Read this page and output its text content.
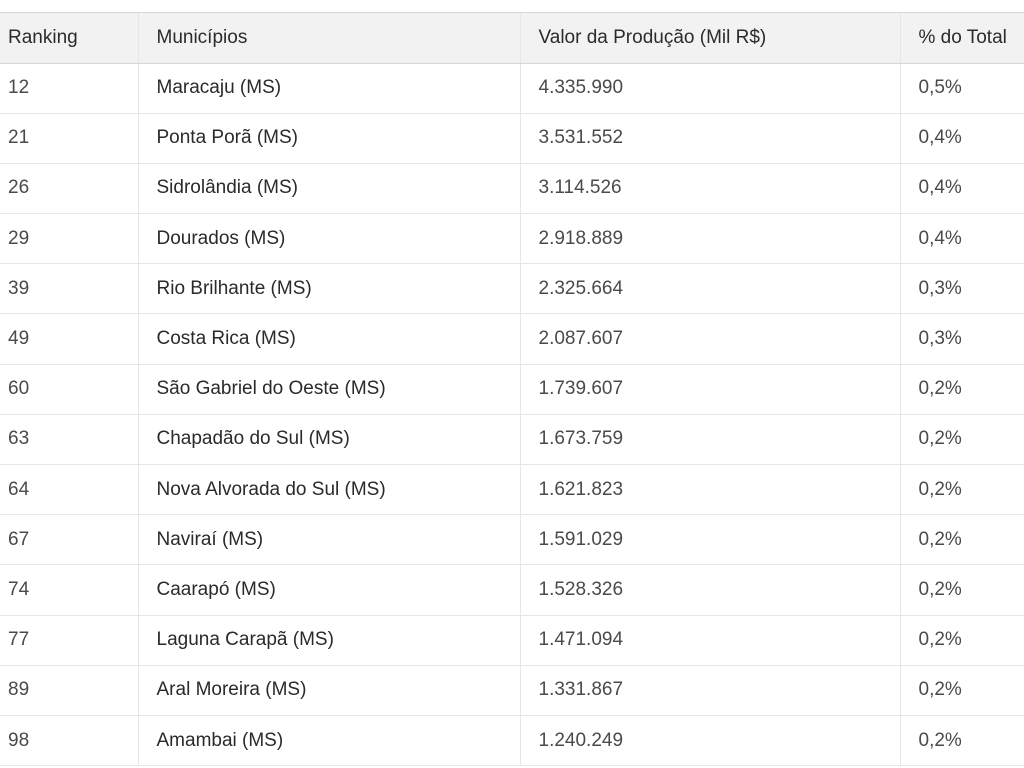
Ranking	Municípios	Valor da Produção (Mil R$)	% do Total
12	Maracaju (MS)	4.335.990	0,5%
21	Ponta Porã (MS)	3.531.552	0,4%
26	Sidrolândia (MS)	3.114.526	0,4%
29	Dourados (MS)	2.918.889	0,4%
39	Rio Brilhante (MS)	2.325.664	0,3%
49	Costa Rica (MS)	2.087.607	0,3%
60	São Gabriel do Oeste (MS)	1.739.607	0,2%
63	Chapadão do Sul (MS)	1.673.759	0,2%
64	Nova Alvorada do Sul (MS)	1.621.823	0,2%
67	Naviraí (MS)	1.591.029	0,2%
74	Caarapó (MS)	1.528.326	0,2%
77	Laguna Carapã (MS)	1.471.094	0,2%
89	Aral Moreira (MS)	1.331.867	0,2%
98	Amambai (MS)	1.240.249	0,2%
